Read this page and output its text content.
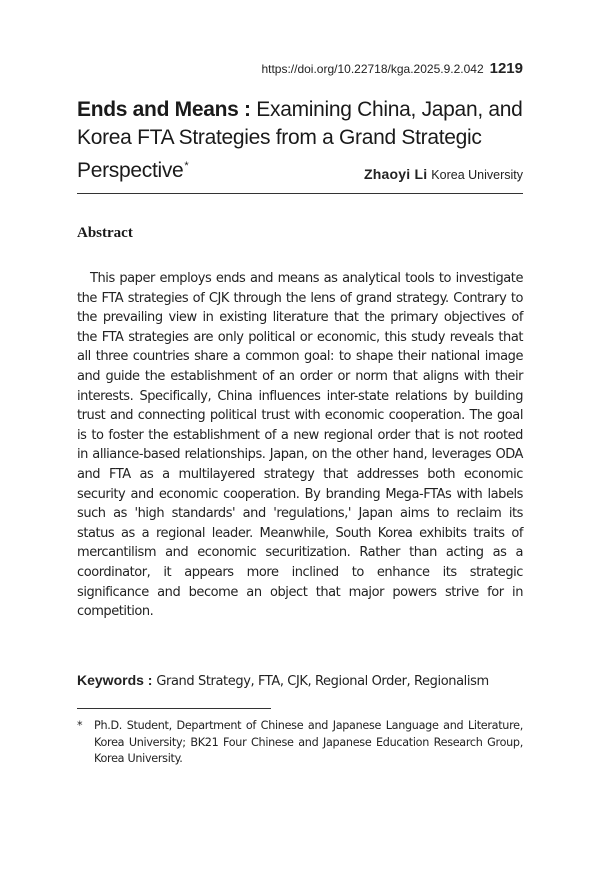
https://doi.org/10.22718/kga.2025.9.2.042 1219
Ends and Means : Examining China, Japan, and Korea FTA Strategies from a Grand Strategic Perspective*	Zhaoyi Li Korea University
Abstract

This paper employs ends and means as analytical tools to investigate the FTA strategies of CJK through the lens of grand strategy. Contrary to the prevailing view in existing literature that the primary objectives of the FTA strategies are only political or economic, this study reveals that all three countries share a common goal: to shape their national image and guide the establishment of an order or norm that aligns with their interests. Specifically, China influences inter-state relations by building trust and connecting political trust with economic cooperation. The goal is to foster the establishment of a new regional order that is not rooted in alliance-based relationships. Japan, on the other hand, leverages ODA and FTA as a multilayered strategy that addresses both economic security and economic cooperation. By branding Mega-FTAs with labels such as 'high standards' and 'regulations,' Japan aims to reclaim its status as a regional leader. Meanwhile, South Korea exhibits traits of mercantilism and economic securitization. Rather than acting as a coordinator, it appears more inclined to enhance its strategic significance and become an object that major powers strive for in competition.

Keywords : Grand Strategy, FTA, CJK, Regional Order, Regionalism

* Ph.D. Student, Department of Chinese and Japanese Language and Literature, Korea University; BK21 Four Chinese and Japanese Education Research Group, Korea University.
